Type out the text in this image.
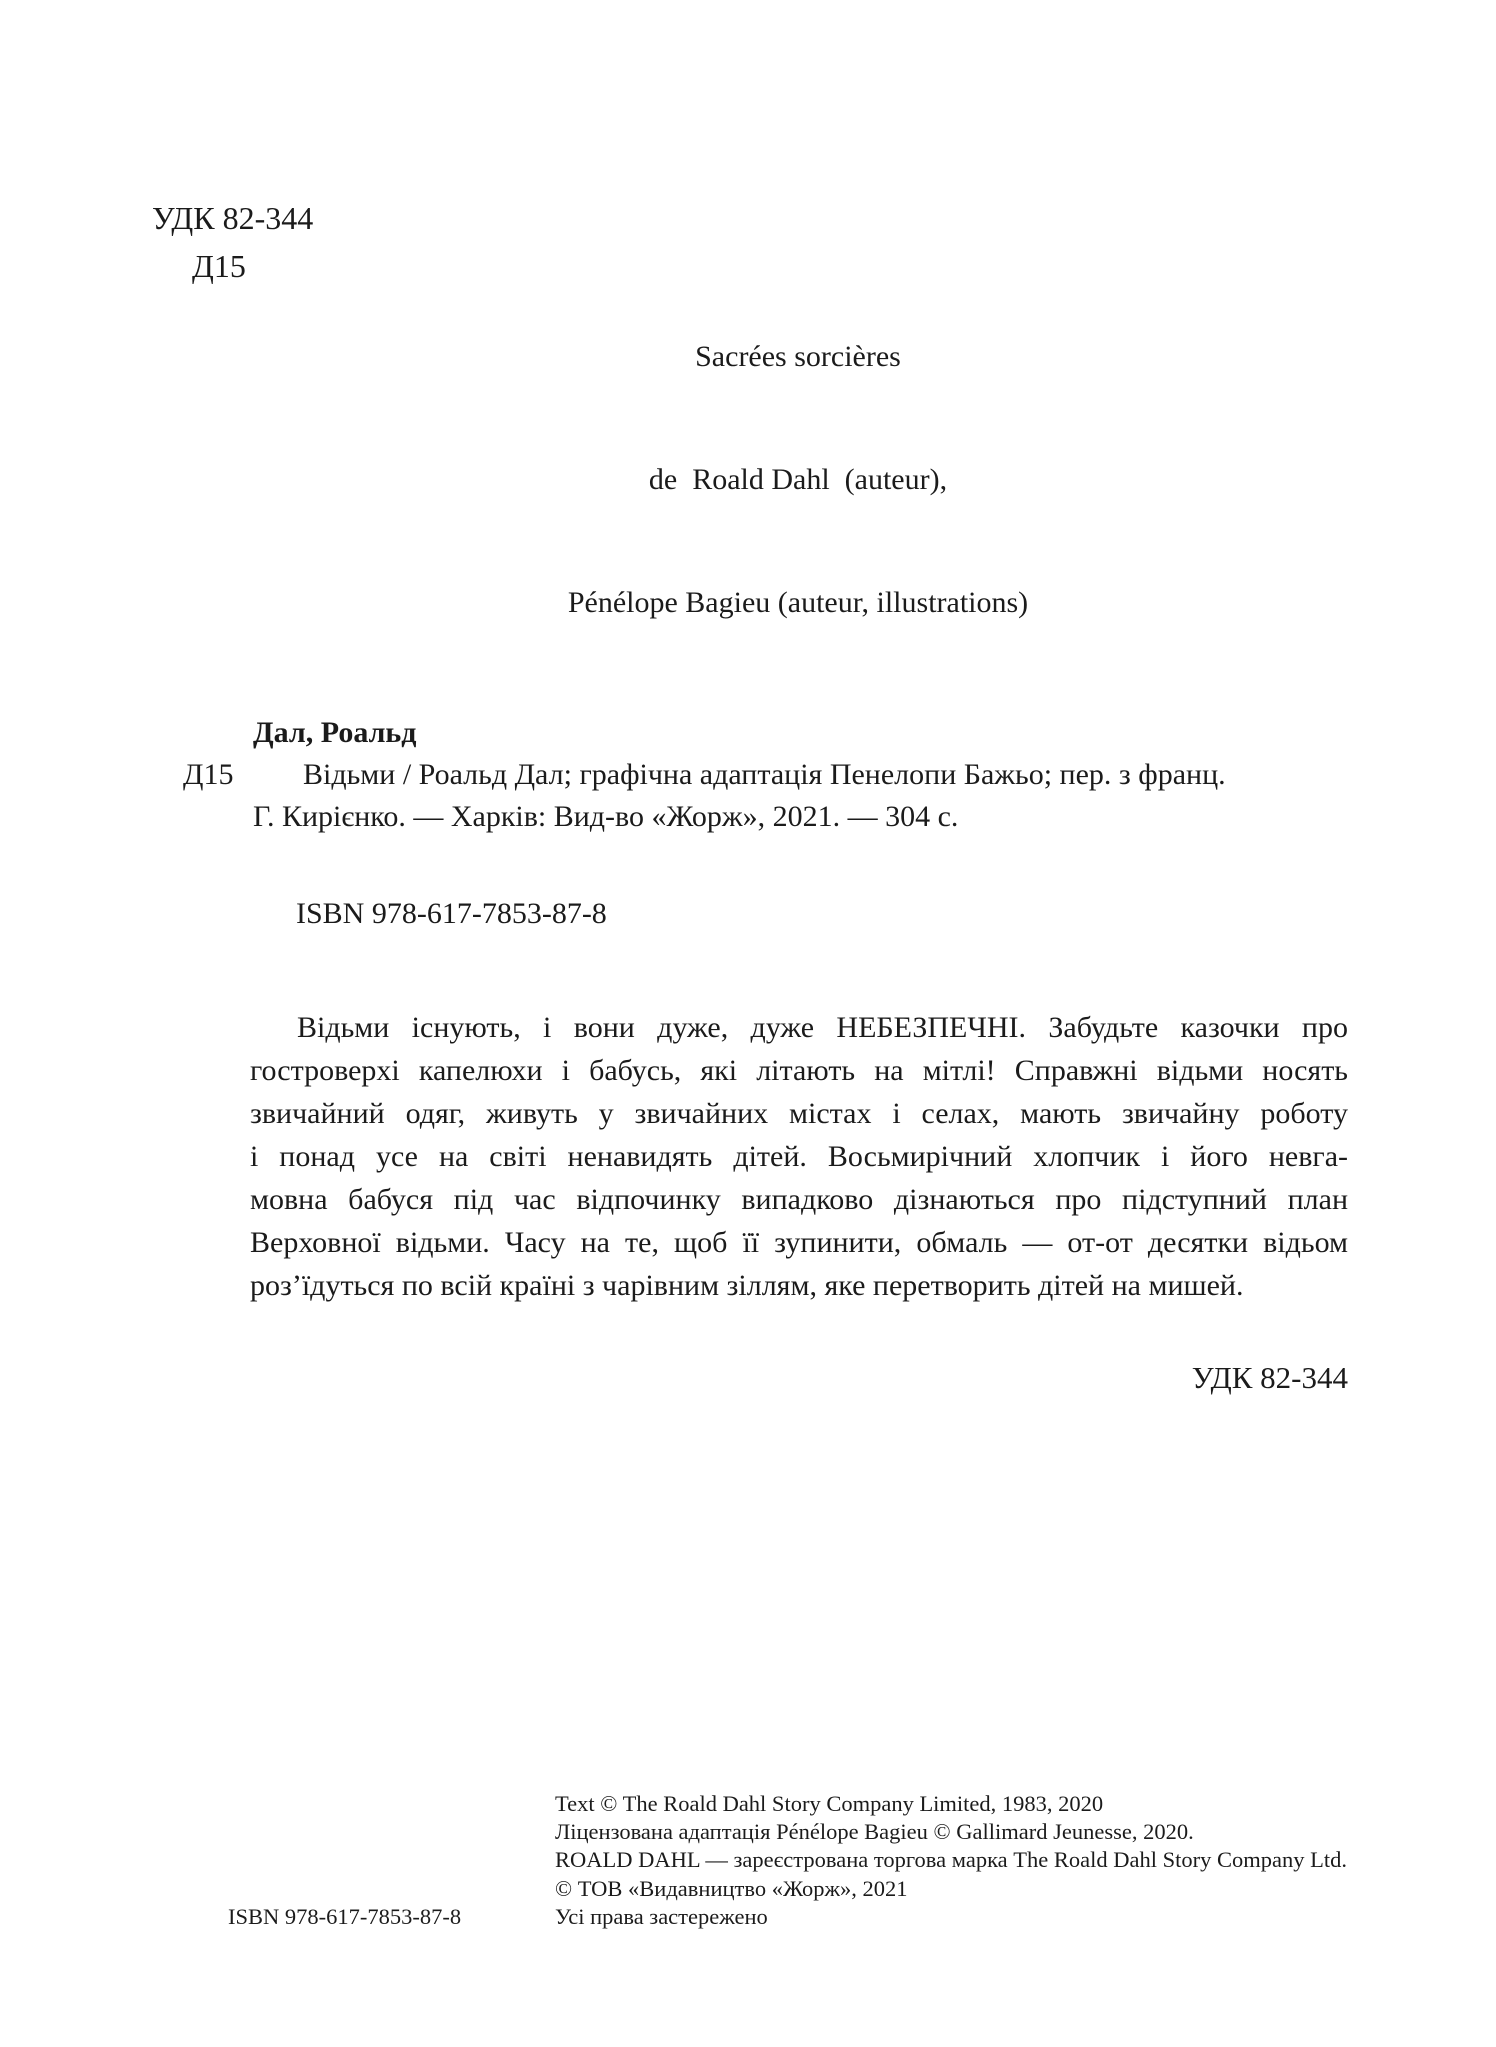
УДК 82-344
Д15

Sacrées sorcières

de  Roald Dahl  (auteur),

Pénélope Bagieu (auteur, illustrations)

Дал, Роальд
Д15 Відьми / Роальд Дал; графічна адаптація Пенелопи Бажьо; пер. з франц.
Г. Кирієнко. — Харків: Вид-во «Жорж», 2021. — 304 с.
ISBN 978-617-7853-87-8
Відьми існують, і вони дуже, дуже НЕБЕЗПЕЧНІ. Забудьте казочки про
гостроверхі капелюхи і бабусь, які літають на мітлі! Справжні відьми носять
звичайний одяг, живуть у звичайних містах і селах, мають звичайну роботу
і понад усе на світі ненавидять дітей. Восьмирічний хлопчик і його невга-
мовна бабуся під час відпочинку випадково дізнаються про підступний план
Верховної відьми. Часу на те, щоб її зупинити, обмаль — от-от десятки відьом
роз’їдуться по всій країні з чарівним зіллям, яке перетворить дітей на мишей.
УДК 82-344
Text © The Roald Dahl Story Company Limited, 1983, 2020
Ліцензована адаптація Pénélope Bagieu © Gallimard Jeunesse, 2020.
ROALD DAHL — зареєстрована торгова марка The Roald Dahl Story Company Ltd.
© ТОВ «Видавництво «Жорж», 2021
Усі права застережено
ISBN 978-617-7853-87-8
